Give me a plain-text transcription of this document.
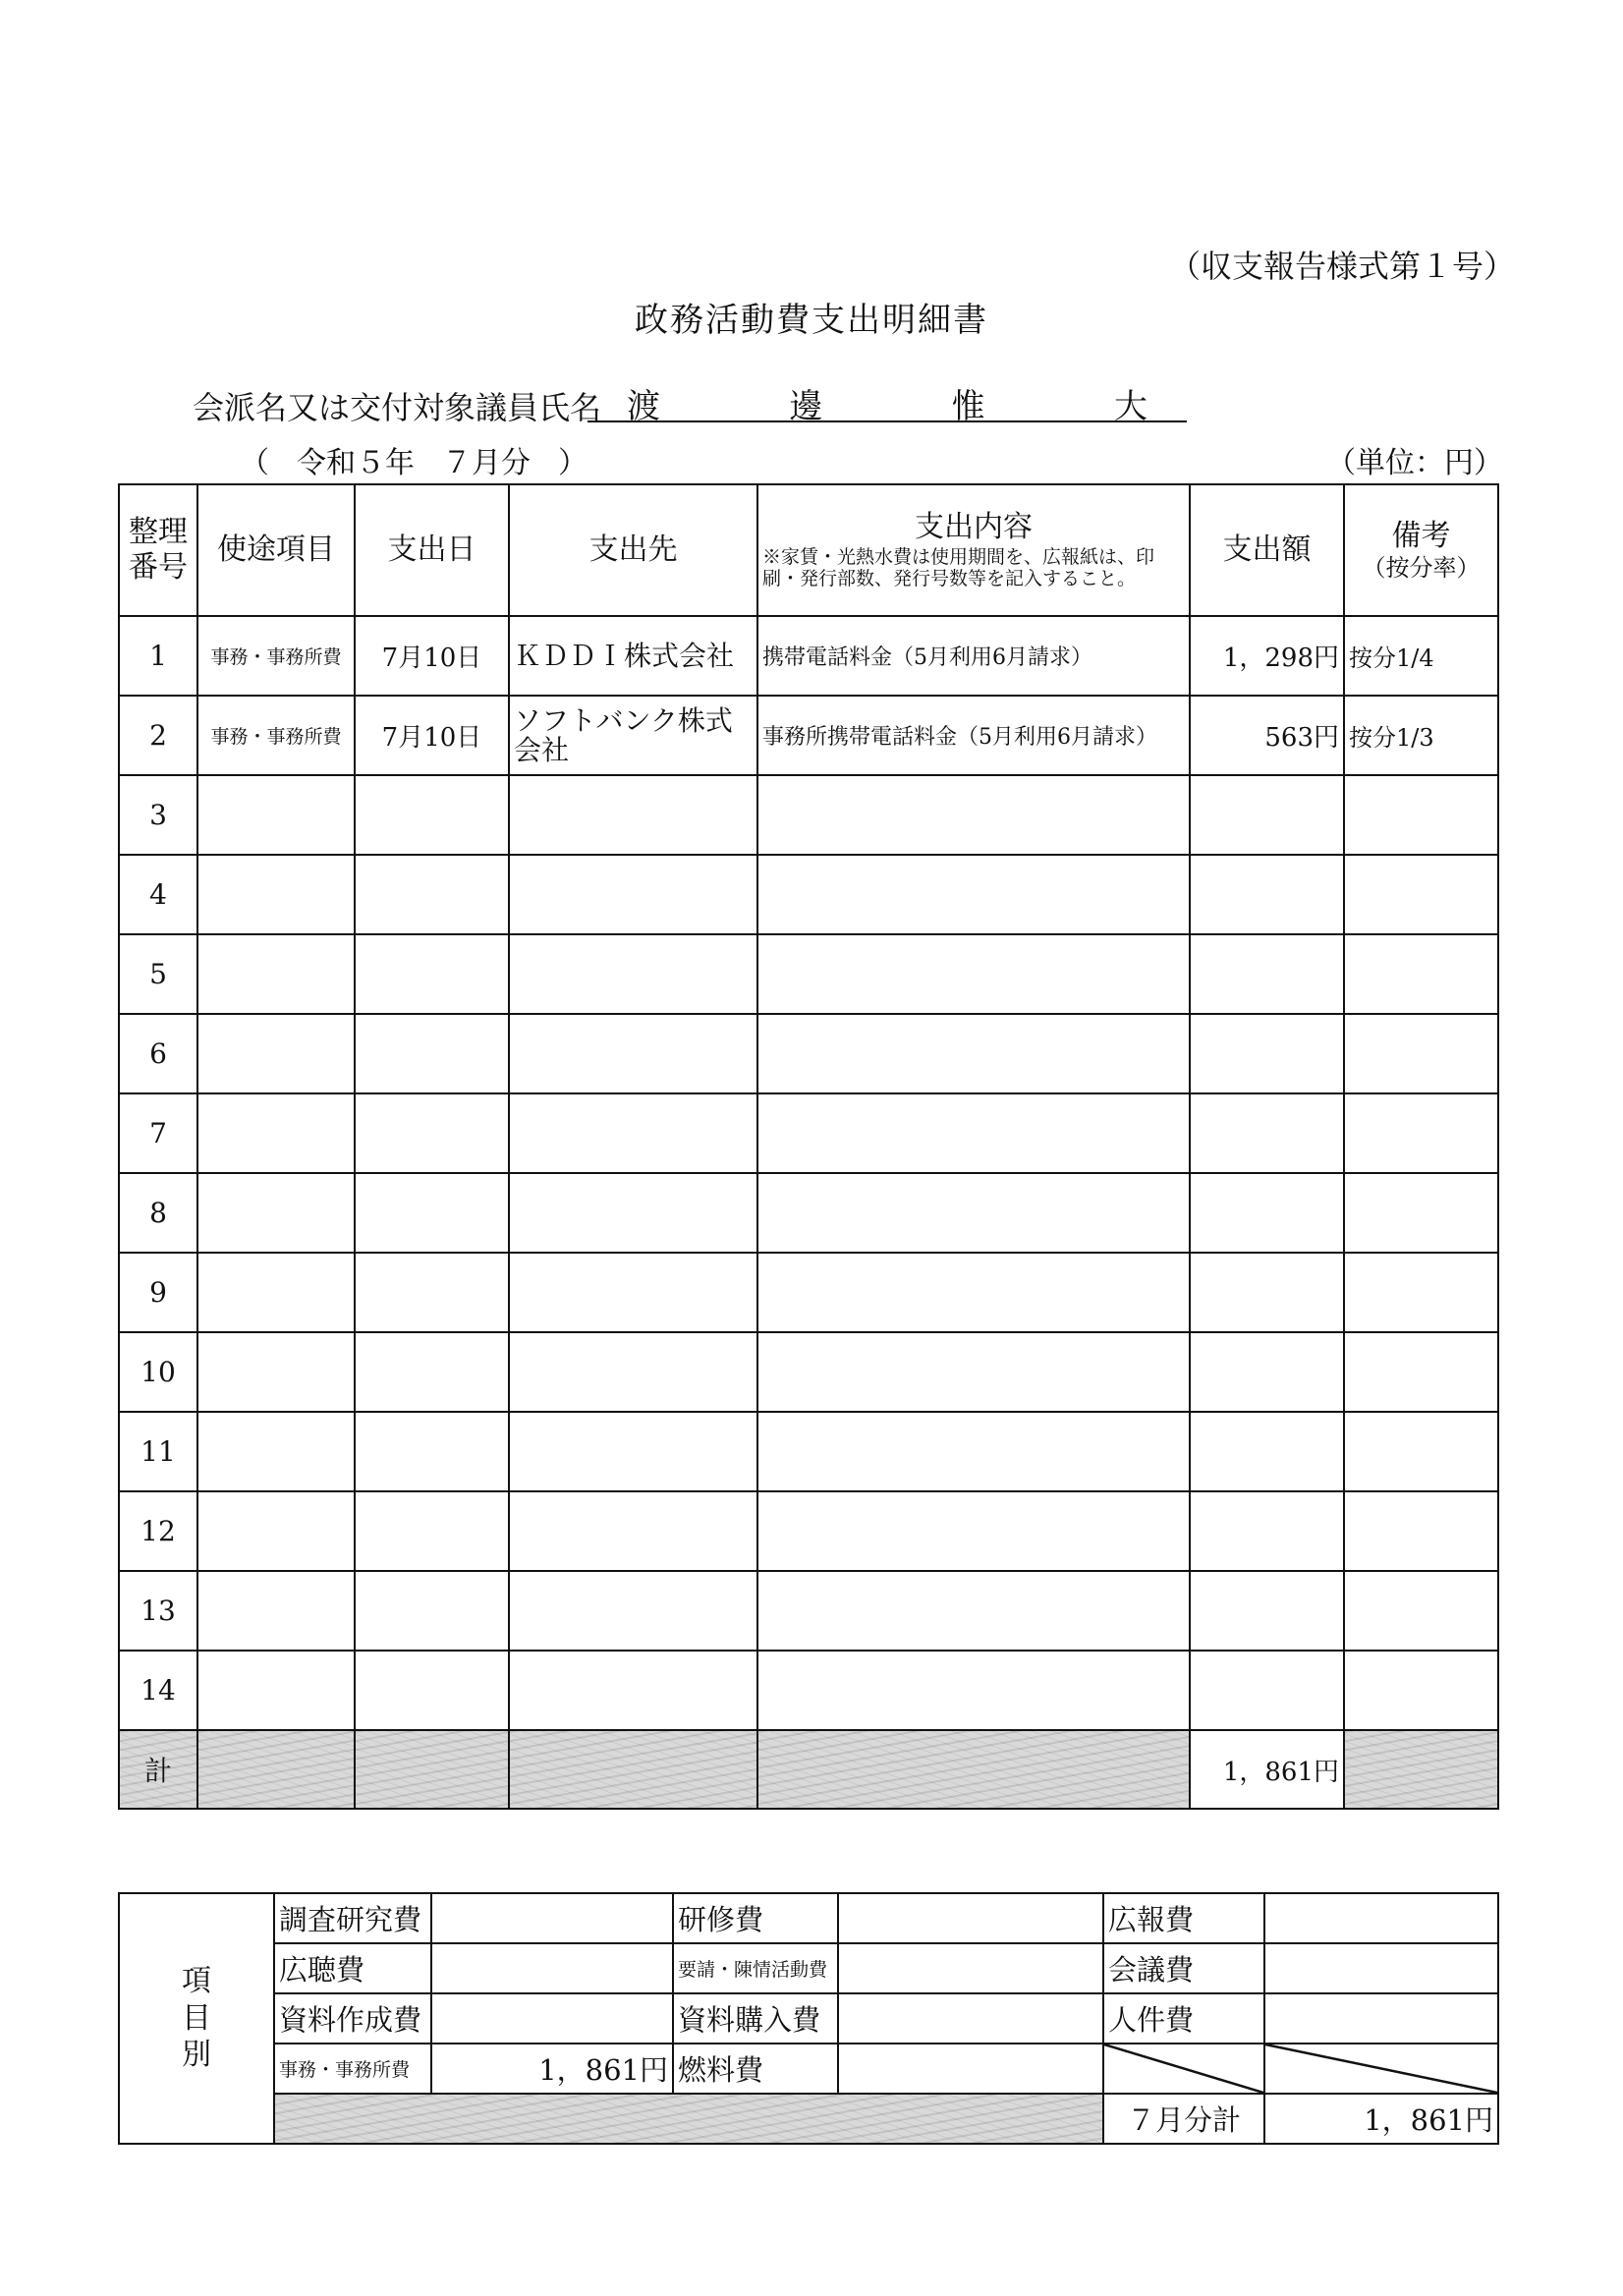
（収支報告様式第１号）
政務活動費支出明細書
会派名又は交付対象議員氏名 渡	邊	惟	大
（ 令和５年 ７月分 ）	（単位：円）
整理
番号	使途項目	支出日	支出先	支出内容
※家賃・光熱水費は使用期間を、広報紙は、印刷・発行部数、発行号数等を記入すること。	支出額	備考
（按分率）

1	事務・事務所費	7月10日	ＫＤＤＩ株式会社	携帯電話料金（5月利用6月請求）	1，298円	按分1/4
2	事務・事務所費	7月10日	ソフトバンク株式会社	事務所携帯電話料金（5月利用6月請求）	563円	按分1/3
3						
4						
5						
6						
7						
8						
9						
10						
11						
12						
13						
14						
計					1，861円	
項
目
別	調査研究費		研修費		広報費	
	広聴費		要請・陳情活動費		会議費	
	資料作成費		資料購入費		人件費	
	事務・事務所費	1，861円	燃料費			
					７月分計	1，861円
